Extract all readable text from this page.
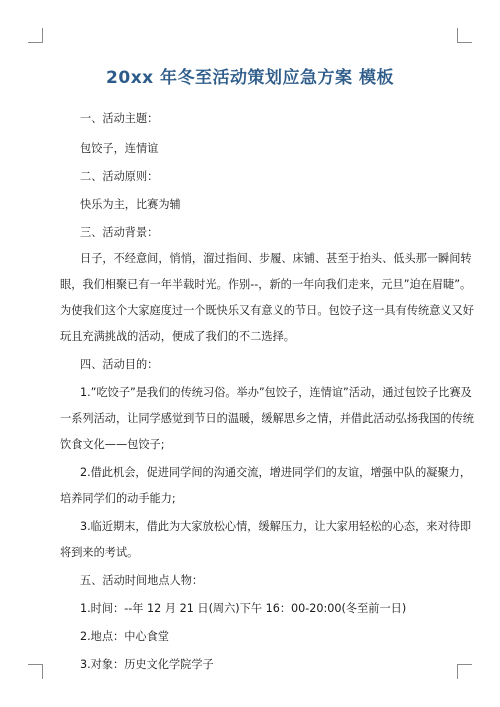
20xx 年冬至活动策划应急方案 模板
一、活动主题：
包饺子，连情谊
二、活动原则：
快乐为主，比赛为辅
三、活动背景：
日子，不经意间，悄悄，溜过指间、步履、床铺、甚至于抬头、低头那一瞬间转
眼，我们相聚已有一年半载时光。作别--，新的一年向我们走来，元旦”迫在眉睫”。
为使我们这个大家庭度过一个既快乐又有意义的节日。包饺子这一具有传统意义又好
玩且充满挑战的活动，便成了我们的不二选择。
四、活动目的：
1.”吃饺子”是我们的传统习俗。举办”包饺子，连情谊”活动，通过包饺子比赛及
一系列活动，让同学感觉到节日的温暖，缓解思乡之情，并借此活动弘扬我国的传统
饮食文化——包饺子;
2.借此机会，促进同学间的沟通交流，增进同学们的友谊，增强中队的凝聚力，
培养同学们的动手能力;
3.临近期末，借此为大家放松心情，缓解压力，让大家用轻松的心态，来对待即
将到来的考试。
五、活动时间地点人物：
1.时间：--年 12 月 21 日(周六)下午 16：00-20:00(冬至前一日)
2.地点：中心食堂
3.对象：历史文化学院学子
